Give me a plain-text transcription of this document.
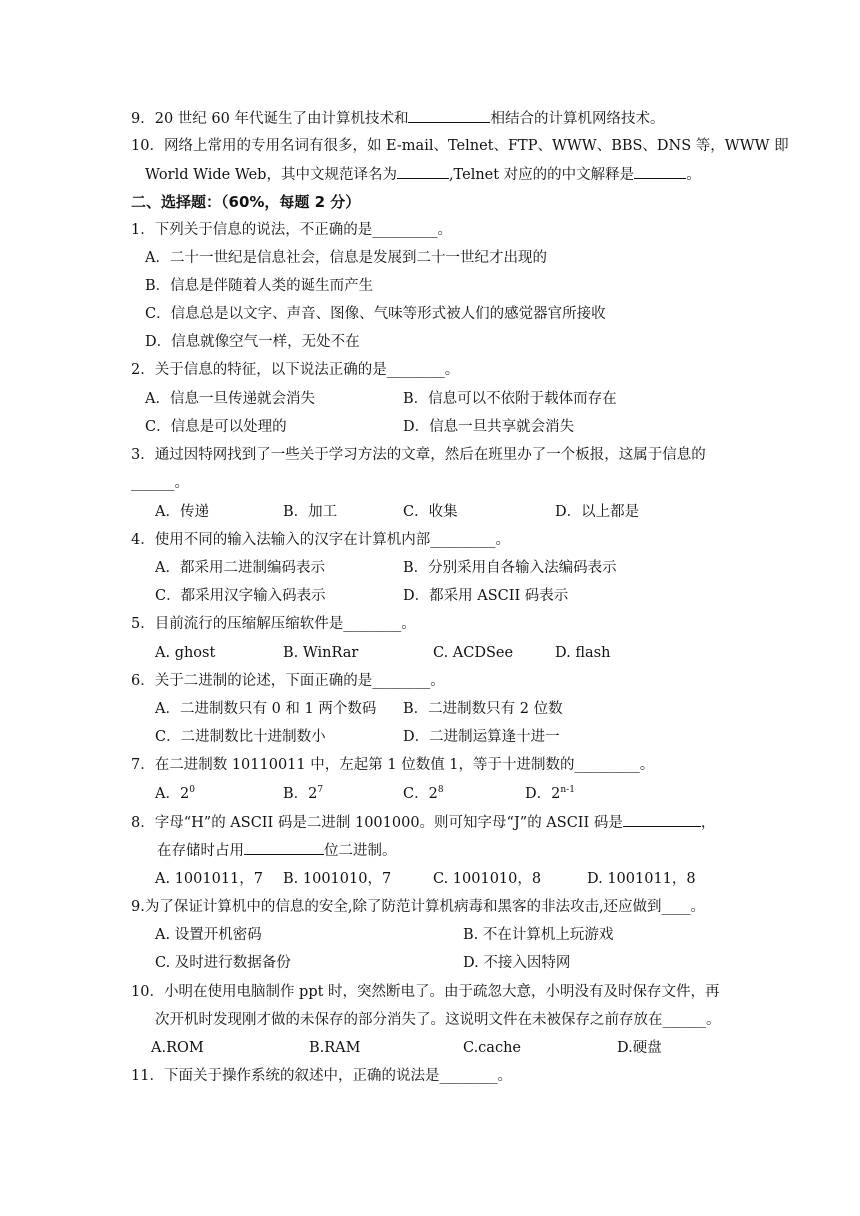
9．20 世纪 60 年代诞生了由计算机技术和	相结合的计算机网络技术。
10．网络上常用的专用名词有很多，如 E-mail、Telnet、FTP、WWW、BBS、DNS 等，WWW 即
World Wide Web，其中文规范译名为	,Telnet 对应的的中文解释是	。
二、选择题：（60%，每题 2 分）
1．下列关于信息的说法，不正确的是_________。
A．二十一世纪是信息社会，信息是发展到二十一世纪才出现的
B．信息是伴随着人类的诞生而产生
C．信息总是以文字、声音、图像、气味等形式被人们的感觉器官所接收
D．信息就像空气一样，无处不在
2．关于信息的特征，以下说法正确的是________。
A．信息一旦传递就会消失	B．信息可以不依附于载体而存在
C．信息是可以处理的	D．信息一旦共享就会消失
3．通过因特网找到了一些关于学习方法的文章，然后在班里办了一个板报，这属于信息的
______。
A．传递	B．加工	C．收集	D．以上都是
4．使用不同的输入法输入的汉字在计算机内部_________。
A．都采用二进制编码表示	B．分别采用自各输入法编码表示
C．都采用汉字输入码表示	D．都采用 ASCII 码表示
5．目前流行的压缩解压缩软件是________。
A. ghost	B. WinRar	C. ACDSee	D. flash
6．关于二进制的论述，下面正确的是________。
A．二进制数只有 0 和 1 两个数码 B．二进制数只有 2 位数
C．二进制数比十进制数小	D．二进制运算逢十进一
7．在二进制数 10110011 中，左起第 1 位数值 1，等于十进制数的_________。
A．$2^0$	B．$2^7$	C．$2^8$	D．2$^{n-1}$
8．字母“H”的 ASCII 码是二进制 1001000。则可知字母“J”的 ASCII 码是	，
在存储时占用	位二进制。
A. 1001011，7 B. 1001010，7	C. 1001010，8	D. 1001011，8
9.为了保证计算机中的信息的安全,除了防范计算机病毒和黑客的非法攻击,还应做到____。
A. 设置开机密码	B. 不在计算机上玩游戏
C. 及时进行数据备份	D. 不接入因特网
10．小明在使用电脑制作 ppt 时，突然断电了。由于疏忽大意，小明没有及时保存文件，再
次开机时发现刚才做的未保存的部分消失了。这说明文件在未被保存之前存放在______。
A.ROM	B.RAM	C.cache	D.硬盘
11．下面关于操作系统的叙述中，正确的说法是________。
